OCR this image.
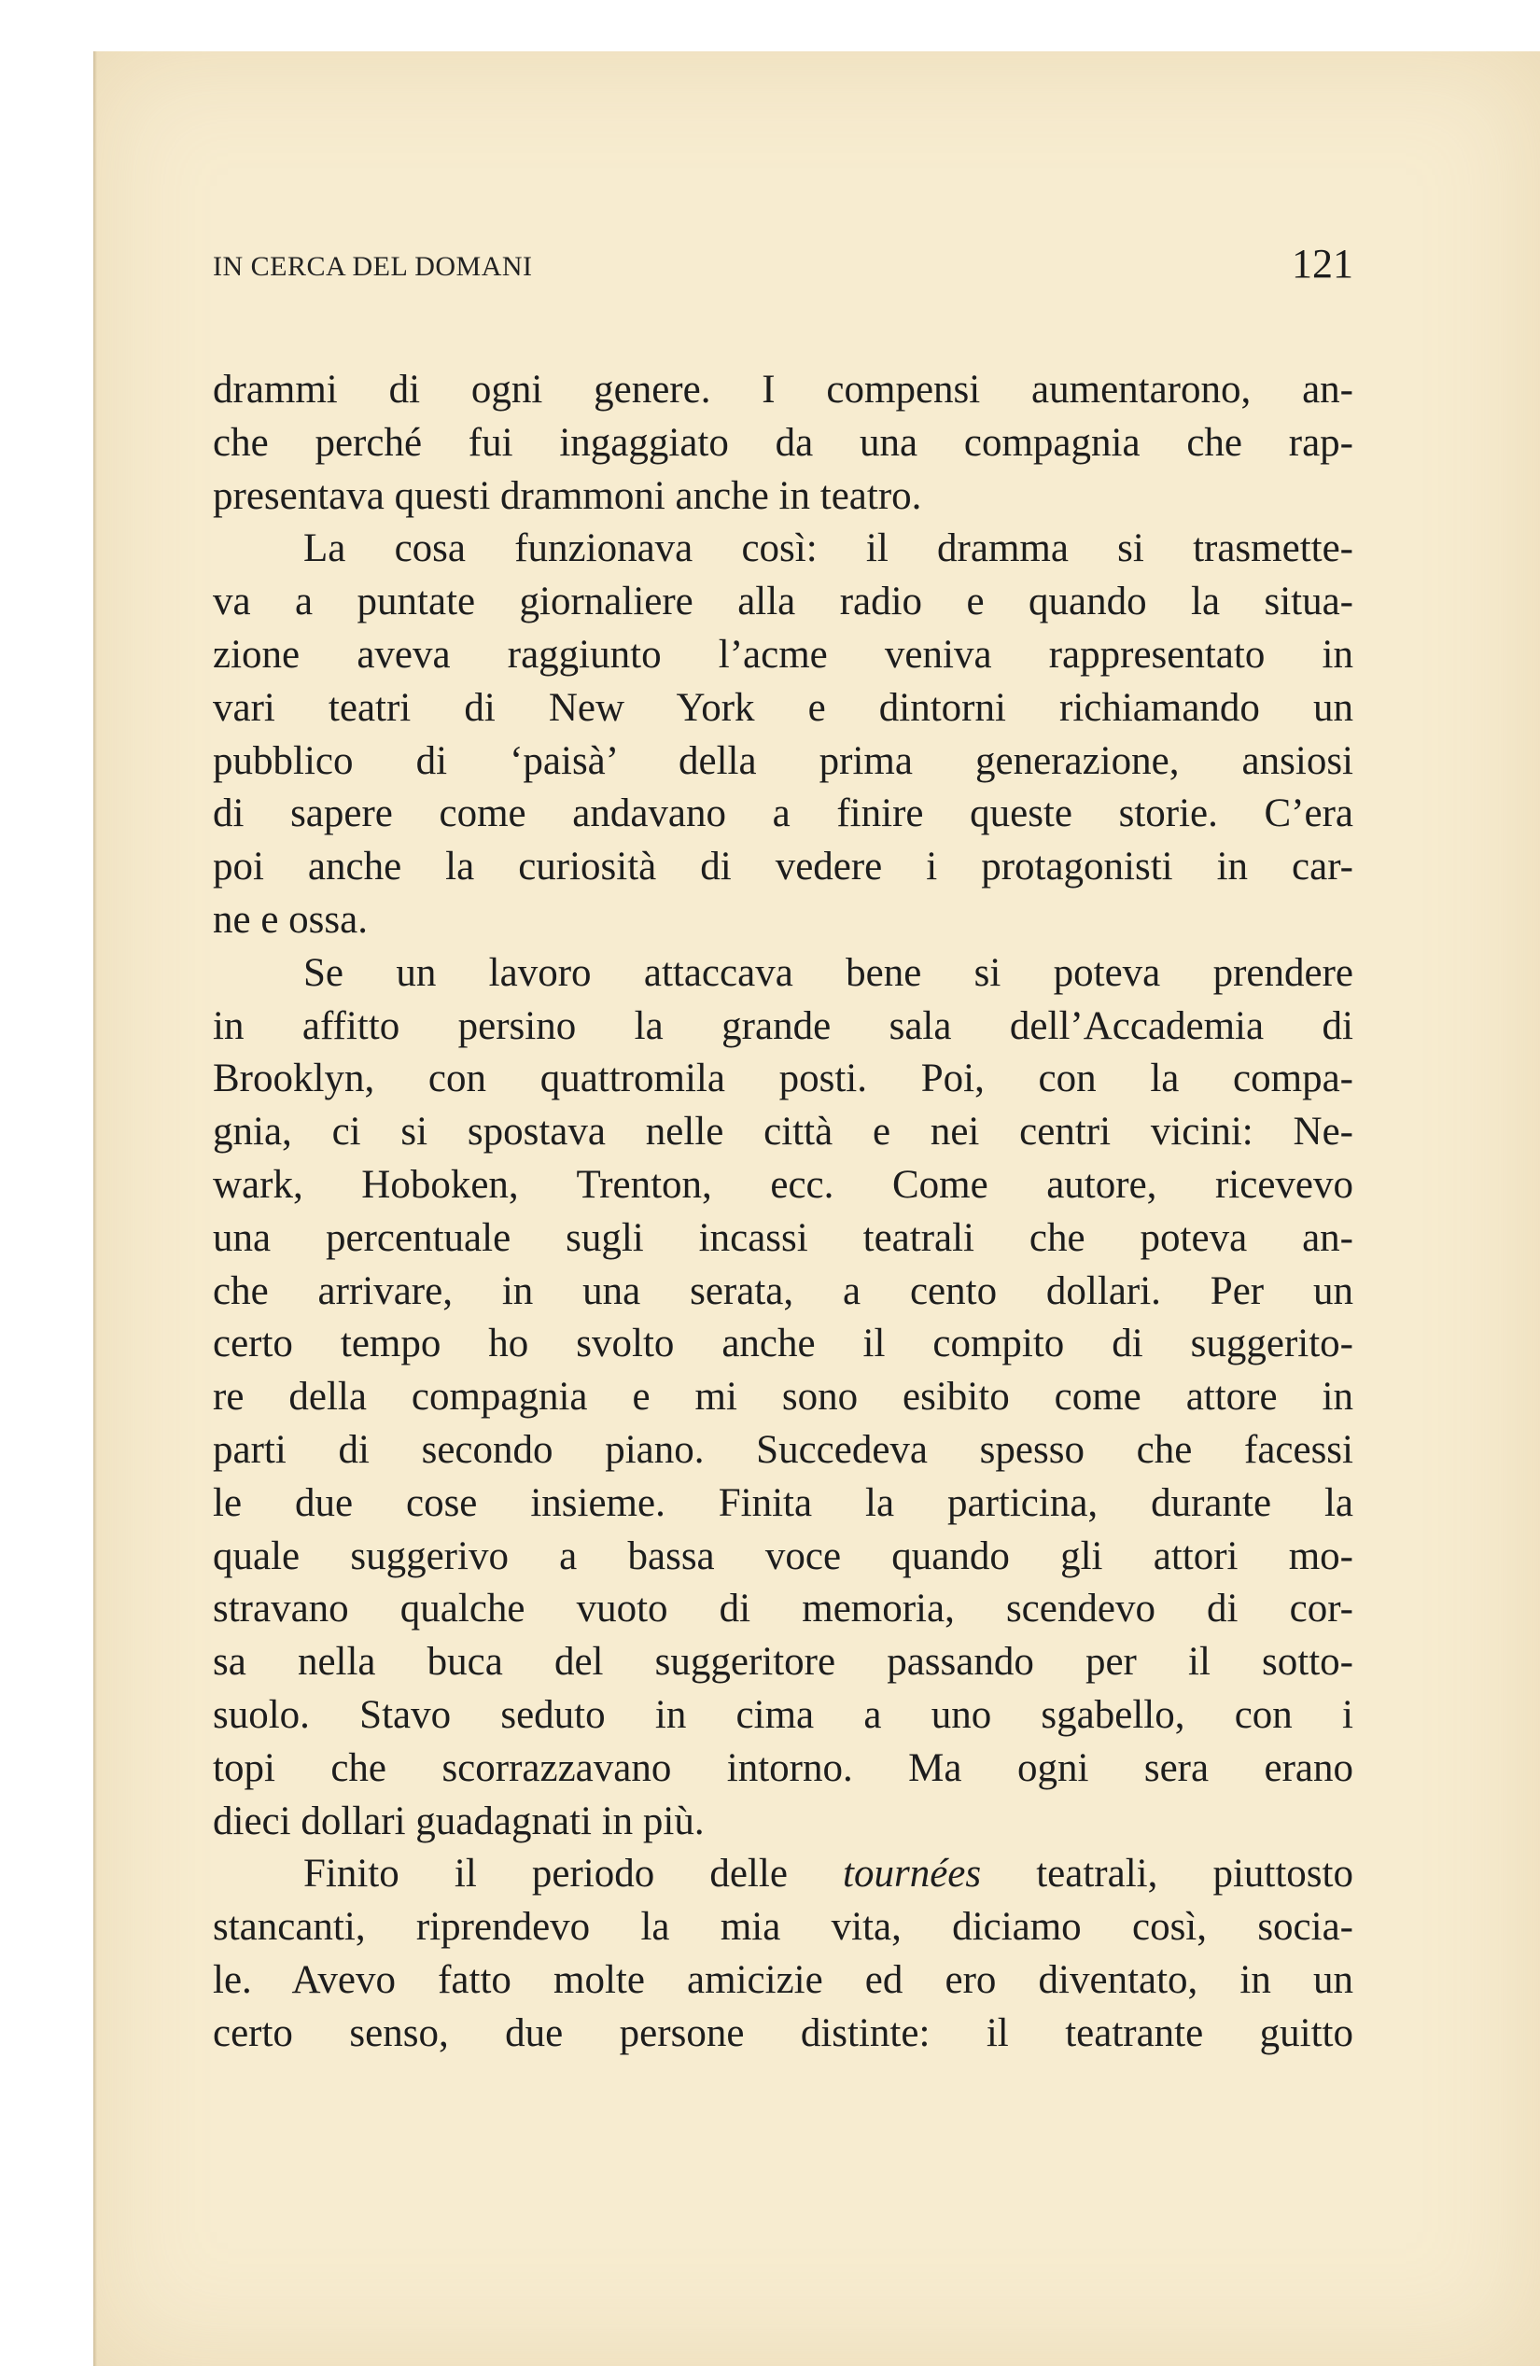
IN CERCA DEL DOMANI	121
drammi di ogni genere. I compensi aumentarono, an-
che perché fui ingaggiato da una compagnia che rap-
presentava questi drammoni anche in teatro.
La cosa funzionava così: il dramma si trasmette-
va a puntate giornaliere alla radio e quando la situa-
zione aveva raggiunto l’acme veniva rappresentato in
vari teatri di New York e dintorni richiamando un
pubblico di ‘paisà’ della prima generazione, ansiosi
di sapere come andavano a finire queste storie. C’era
poi anche la curiosità di vedere i protagonisti in car-
ne e ossa.
Se un lavoro attaccava bene si poteva prendere
in affitto persino la grande sala dell’Accademia di
Brooklyn, con quattromila posti. Poi, con la compa-
gnia, ci si spostava nelle città e nei centri vicini: Ne-
wark, Hoboken, Trenton, ecc. Come autore, ricevevo
una percentuale sugli incassi teatrali che poteva an-
che arrivare, in una serata, a cento dollari. Per un
certo tempo ho svolto anche il compito di suggerito-
re della compagnia e mi sono esibito come attore in
parti di secondo piano. Succedeva spesso che facessi
le due cose insieme. Finita la particina, durante la
quale suggerivo a bassa voce quando gli attori mo-
stravano qualche vuoto di memoria, scendevo di cor-
sa nella buca del suggeritore passando per il sotto-
suolo. Stavo seduto in cima a uno sgabello, con i
topi che scorrazzavano intorno. Ma ogni sera erano
dieci dollari guadagnati in più.
Finito il periodo delle tournées teatrali, piuttosto
stancanti, riprendevo la mia vita, diciamo così, socia-
le. Avevo fatto molte amicizie ed ero diventato, in un
certo senso, due persone distinte: il teatrante guitto
